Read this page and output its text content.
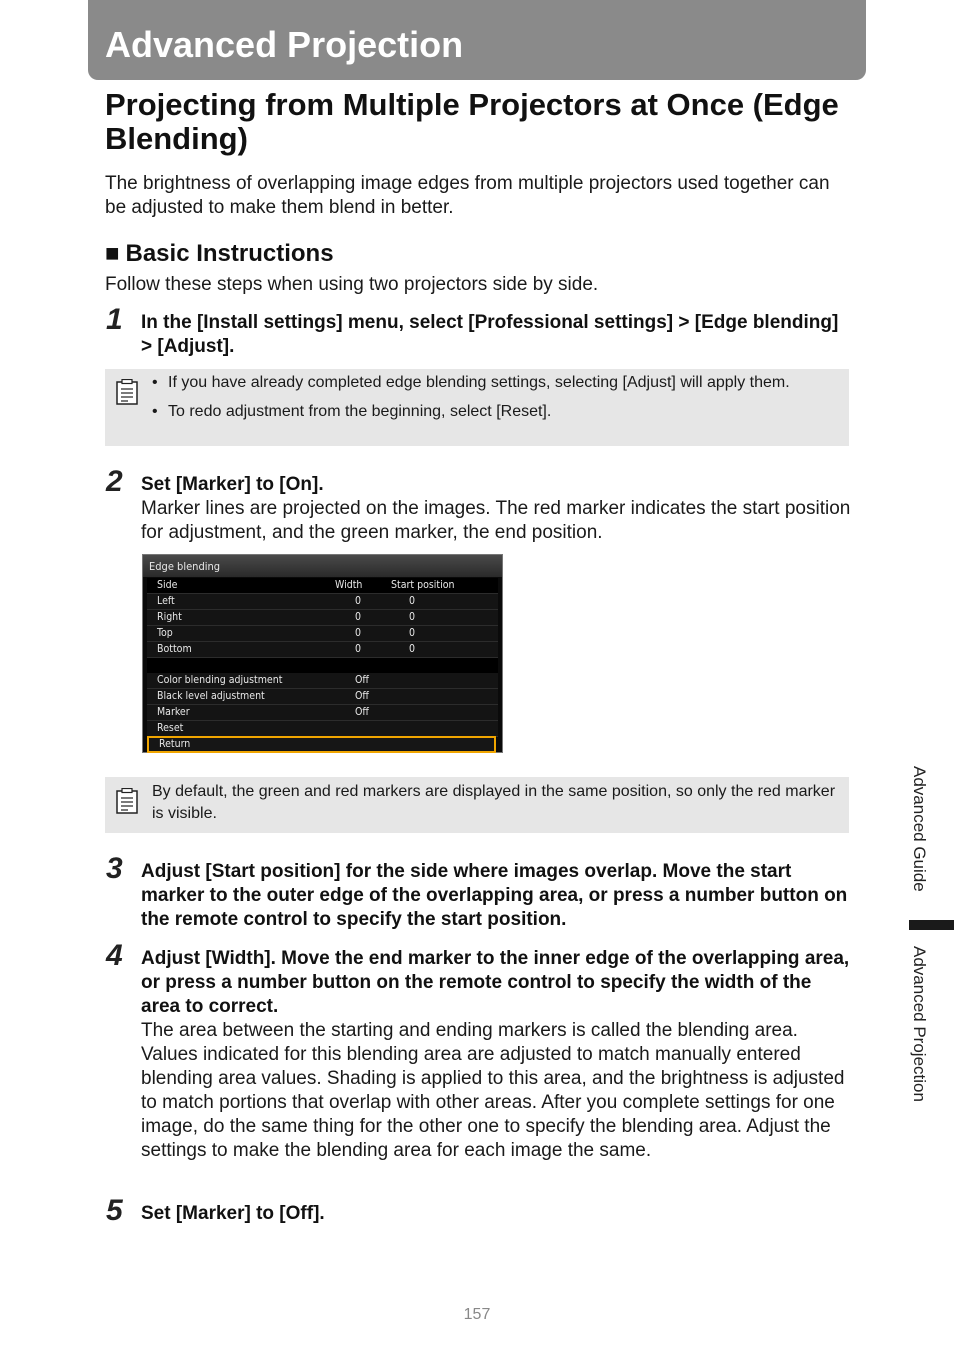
Advanced Projection
Projecting from Multiple Projectors at Once (Edge Blending)

The brightness of overlapping image edges from multiple projectors used together can be adjusted to make them blend in better.

■ Basic Instructions

Follow these steps when using two projectors side by side.

1 In the [Install settings] menu, select [Professional settings] > [Edge blending] > [Adjust].

• If you have already completed edge blending settings, selecting [Adjust] will apply them.
• To redo adjustment from the beginning, select [Reset].
2 Set [Marker] to [On].

Marker lines are projected on the images. The red marker indicates the start position for adjustment, and the green marker, the end position.

Edge blending
Side	Width	Start position
Left	0	0
Right	0	0
Top	0	0
Bottom	0	0
Color blending adjustment	Off
Black level adjustment	Off
Marker	Off
Reset
Return

By default, the green and red markers are displayed in the same position, so only the red marker is visible.

3 Adjust [Start position] for the side where images overlap. Move the start marker to the outer edge of the overlapping area, or press a number button on the remote control to specify the start position.

4 Adjust [Width]. Move the end marker to the inner edge of the overlapping area, or press a number button on the remote control to specify the width of the area to correct.

The area between the starting and ending markers is called the blending area. Values indicated for this blending area are adjusted to match manually entered blending area values. Shading is applied to this area, and the brightness is adjusted to match portions that overlap with other areas. After you complete settings for one image, do the same thing for the other one to specify the blending area. Adjust the settings to make the blending area for each image the same.

5 Set [Marker] to [Off].

Advanced Guide

Advanced Projection

157
